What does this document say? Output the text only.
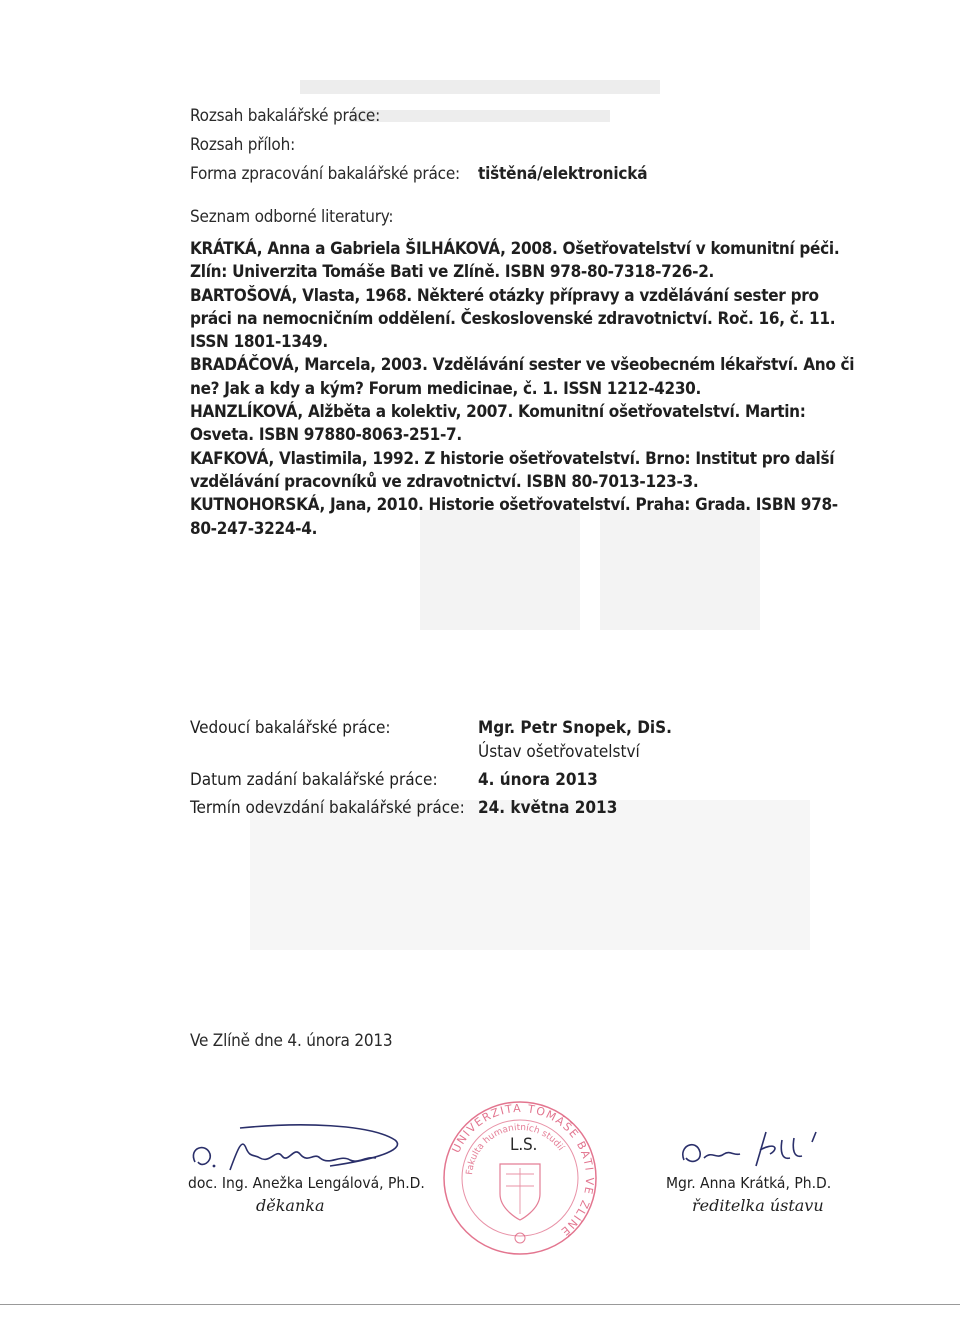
Rozsah bakalářské práce:
Rozsah příloh:
Forma zpracování bakalářské práce: tištěná/elektronická
Seznam odborné literatury:

KRÁTKÁ, Anna a Gabriela ŠILHÁKOVÁ, 2008. Ošetřovatelství v komunitní péči. Zlín: Univerzita Tomáše Bati ve Zlíně. ISBN 978-80-7318-726-2.

BARTOŠOVÁ, Vlasta, 1968. Některé otázky přípravy a vzdělávání sester pro práci na nemocničním oddělení. Československé zdravotnictví. Roč. 16, č. 11. ISSN 1801-1349.

BRADÁČOVÁ, Marcela, 2003. Vzdělávání sester ve všeobecném lékařství. Ano či ne? Jak a kdy a kým? Forum medicinae, č. 1. ISSN 1212-4230.

HANZLÍKOVÁ, Alžběta a kolektiv, 2007. Komunitní ošetřovatelství. Martin: Osveta. ISBN 97880-8063-251-7.

KAFKOVÁ, Vlastimila, 1992. Z historie ošetřovatelství. Brno: Institut pro další vzdělávání pracovníků ve zdravotnictví. ISBN 80-7013-123-3.

KUTNOHORSKÁ, Jana, 2010. Historie ošetřovatelství. Praha: Grada. ISBN 978-80-247-3224-4.

Vedoucí bakalářské práce:	Mgr. Petr Snopek, DiS.
Ústav ošetřovatelství
Datum zadání bakalářské práce: 4. února 2013
Termín odevzdání bakalářské práce: 24. května 2013
Ve Zlíně dne 4. února 2013
doc. Ing. Anežka Lengálová, Ph.D.
děkanka
UNIVERZITA TOMÁŠE BATI VE ZLÍNĚ
Fakulta humanitních studií
L.S.
Mgr. Anna Krátká, Ph.D.
ředitelka ústavu
